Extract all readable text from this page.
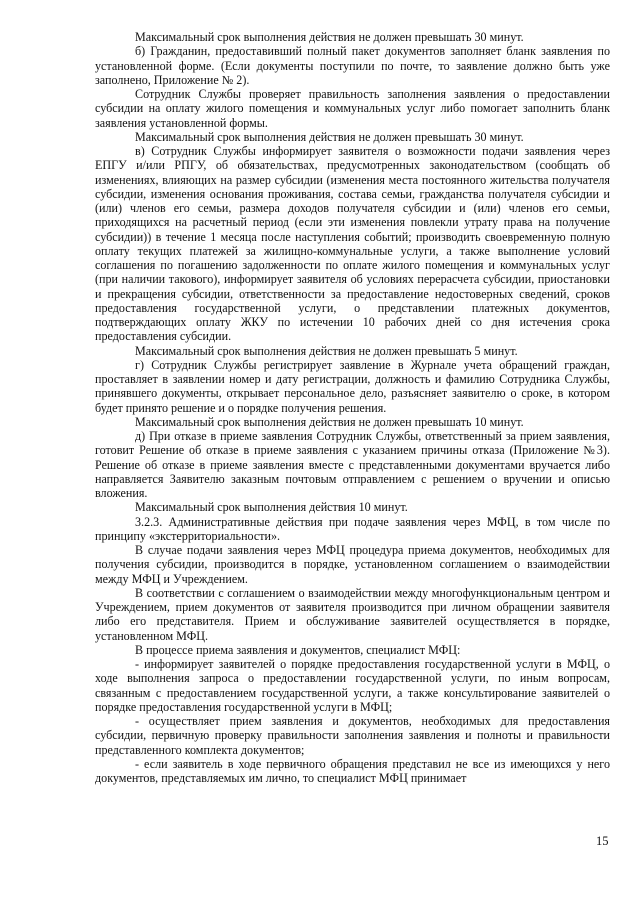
Максимальный срок выполнения действия не должен превышать 30 минут.

б) Гражданин, предоставивший полный пакет документов заполняет бланк заявления по установленной форме. (Если документы поступили по почте, то заявление должно быть уже заполнено, Приложение № 2).

Сотрудник Службы проверяет правильность заполнения заявления о предоставлении субсидии на оплату жилого помещения и коммунальных услуг либо помогает заполнить бланк заявления установленной формы.

Максимальный срок выполнения действия не должен превышать 30 минут.

в) Сотрудник Службы информирует заявителя о возможности подачи заявления через ЕПГУ и/или РПГУ, об обязательствах, предусмотренных законодательством (сообщать об изменениях, влияющих на размер субсидии (изменения места постоянного жительства получателя субсидии, изменения основания проживания, состава семьи, гражданства получателя субсидии и (или) членов его семьи, размера доходов получателя субсидии и (или) членов его семьи, приходящихся на расчетный период (если эти изменения повлекли утрату права на получение субсидии)) в течение 1 месяца после наступления событий; производить своевременную полную оплату текущих платежей за жилищно-коммунальные услуги, а также выполнение условий соглашения по погашению задолженности по оплате жилого помещения и коммунальных услуг (при наличии такового), информирует заявителя об условиях перерасчета субсидии, приостановки и прекращения субсидии, ответственности за предоставление недостоверных сведений, сроков предоставления государственной услуги, о представлении платежных документов, подтверждающих оплату ЖКУ по истечении 10 рабочих дней со дня истечения срока предоставления субсидии.

Максимальный срок выполнения действия не должен превышать 5 минут.

г) Сотрудник Службы регистрирует заявление в Журнале учета обращений граждан, проставляет в заявлении номер и дату регистрации, должность и фамилию Сотрудника Службы, принявшего документы, открывает персональное дело, разъясняет заявителю о сроке, в котором будет принято решение и о порядке получения решения.

Максимальный срок выполнения действия не должен превышать 10 минут.

д) При отказе в приеме заявления Сотрудник Службы, ответственный за прием заявления, готовит Решение об отказе в приеме заявления с указанием причины отказа (Приложение №3). Решение об отказе в приеме заявления вместе с представленными документами вручается либо направляется Заявителю заказным почтовым отправлением с решением о вручении и описью вложения.

Максимальный срок выполнения действия 10 минут.

3.2.3. Административные действия при подаче заявления через МФЦ, в том числе по принципу «экстерриториальности».

В случае подачи заявления через МФЦ процедура приема документов, необходимых для получения субсидии, производится в порядке, установленном соглашением о взаимодействии между МФЦ и Учреждением.

В соответствии с соглашением о взаимодействии между многофункциональным центром и Учреждением, прием документов от заявителя производится при личном обращении заявителя либо его представителя. Прием и обслуживание заявителей осуществляется в порядке, установленном МФЦ.

В процессе приема заявления и документов, специалист МФЦ:

- информирует заявителей о порядке предоставления государственной услуги в МФЦ, о ходе выполнения запроса о предоставлении государственной услуги, по иным вопросам, связанным с предоставлением государственной услуги, а также консультирование заявителей о порядке предоставления государственной услуги в МФЦ;

- осуществляет прием заявления и документов, необходимых для предоставления субсидии, первичную проверку правильности заполнения заявления и полноты и правильности представленного комплекта документов;

- если заявитель в ходе первичного обращения представил не все из имеющихся у него документов, представляемых им лично, то специалист МФЦ принимает

15
